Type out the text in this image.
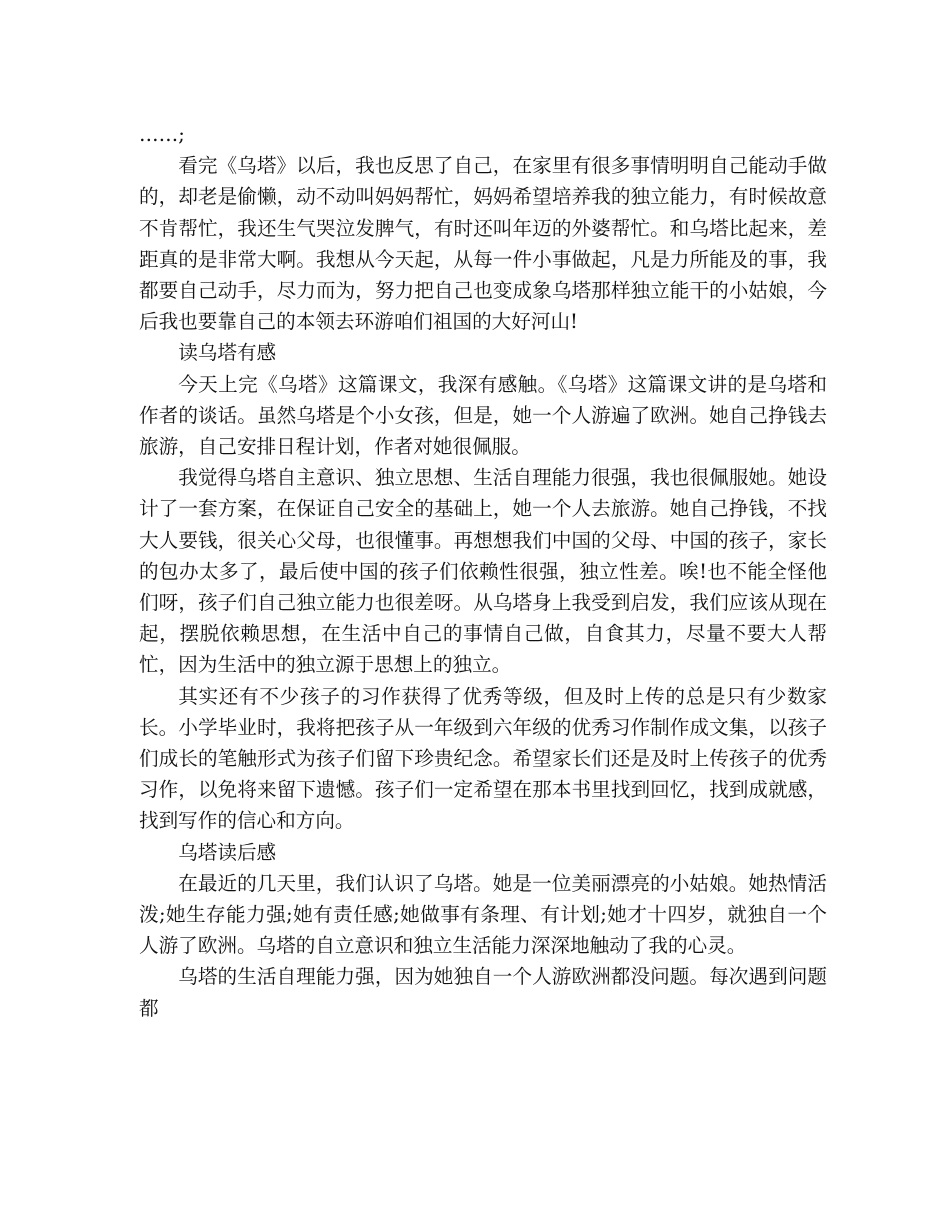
……;

看完《乌塔》以后，我也反思了自己，在家里有很多事情明明自己能动手做的，却老是偷懒，动不动叫妈妈帮忙，妈妈希望培养我的独立能力，有时候故意不肯帮忙，我还生气哭泣发脾气，有时还叫年迈的外婆帮忙。和乌塔比起来，差距真的是非常大啊。我想从今天起，从每一件小事做起，凡是力所能及的事，我都要自己动手，尽力而为，努力把自己也变成象乌塔那样独立能干的小姑娘，今后我也要靠自己的本领去环游咱们祖国的大好河山!

读乌塔有感

今天上完《乌塔》这篇课文，我深有感触。《乌塔》这篇课文讲的是乌塔和作者的谈话。虽然乌塔是个小女孩，但是，她一个人游遍了欧洲。她自己挣钱去旅游，自己安排日程计划，作者对她很佩服。

我觉得乌塔自主意识、独立思想、生活自理能力很强，我也很佩服她。她设计了一套方案，在保证自己安全的基础上，她一个人去旅游。她自己挣钱，不找大人要钱，很关心父母，也很懂事。再想想我们中国的父母、中国的孩子，家长的包办太多了，最后使中国的孩子们依赖性很强，独立性差。唉!也不能全怪他们呀，孩子们自己独立能力也很差呀。从乌塔身上我受到启发，我们应该从现在起，摆脱依赖思想，在生活中自己的事情自己做，自食其力，尽量不要大人帮忙，因为生活中的独立源于思想上的独立。

其实还有不少孩子的习作获得了优秀等级，但及时上传的总是只有少数家长。小学毕业时，我将把孩子从一年级到六年级的优秀习作制作成文集，以孩子们成长的笔触形式为孩子们留下珍贵纪念。希望家长们还是及时上传孩子的优秀习作，以免将来留下遗憾。孩子们一定希望在那本书里找到回忆，找到成就感，找到写作的信心和方向。

乌塔读后感

在最近的几天里，我们认识了乌塔。她是一位美丽漂亮的小姑娘。她热情活泼;她生存能力强;她有责任感;她做事有条理、有计划;她才十四岁，就独自一个人游了欧洲。乌塔的自立意识和独立生活能力深深地触动了我的心灵。

乌塔的生活自理能力强，因为她独自一个人游欧洲都没问题。每次遇到问题都
